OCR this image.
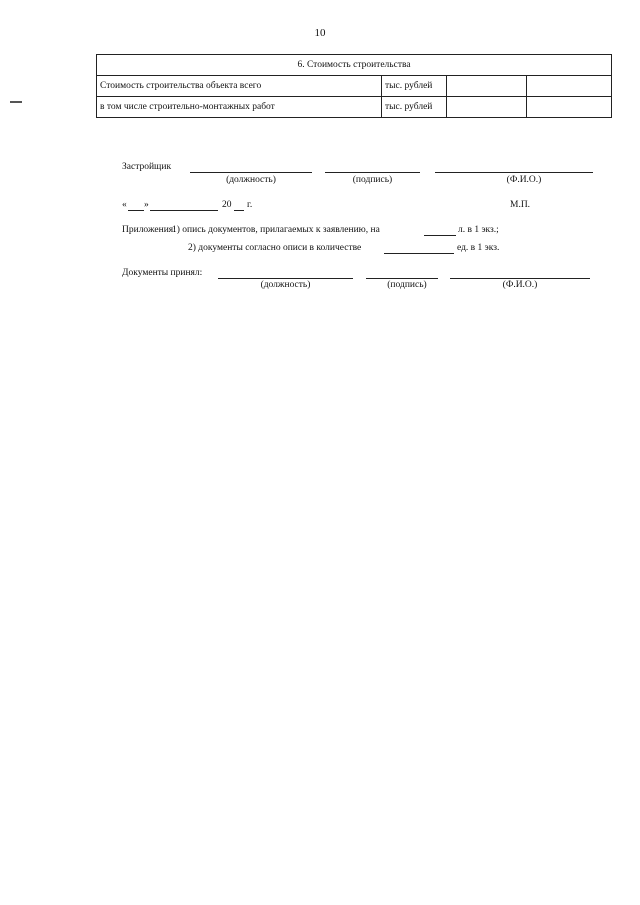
10
6. Стоимость строительства			
Стоимость строительства объекта всего	тыс. рублей		
в том числе строительно-монтажных работ	тыс. рублей		
Застройщик
(должность)	(подпись)	(Ф.И.О.)
« »	20 г.	М.П.
Приложения:
1) опись документов, прилагаемых к заявлению, на	л. в 1 экз.;
2) документы согласно описи в количестве	ед. в 1 экз.
Документы принял:
(должность)	(подпись)	(Ф.И.О.)
